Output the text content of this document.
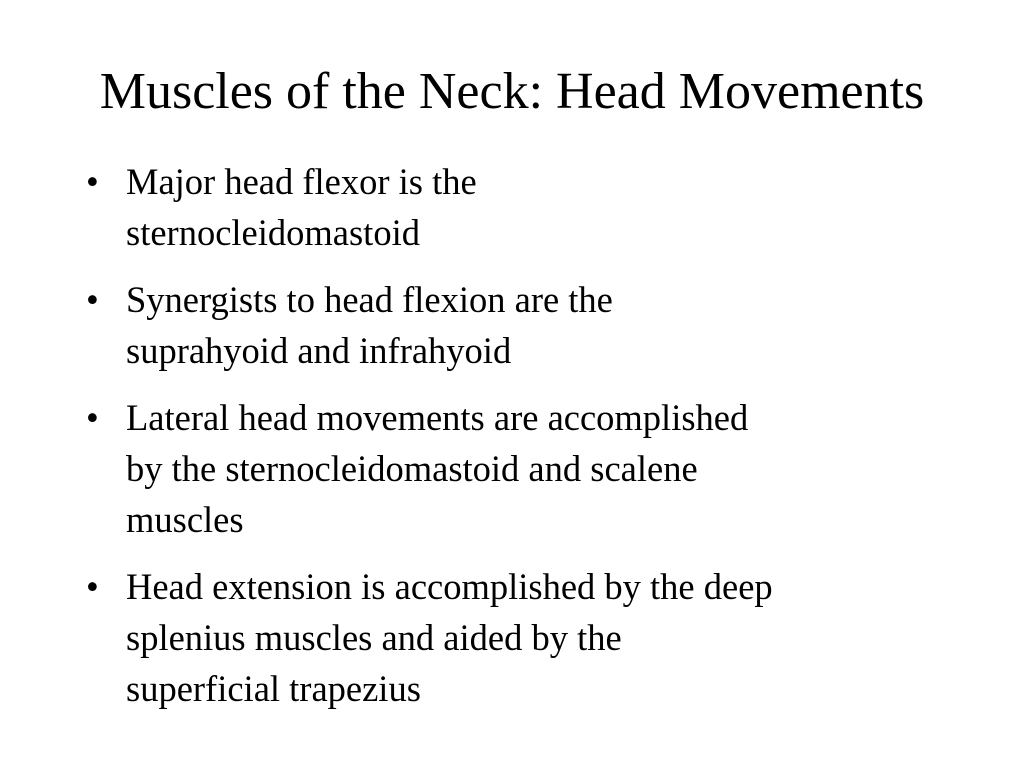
Muscles of the Neck: Head Movements
• Major head flexor is the
sternocleidomastoid
• Synergists to head flexion are the
suprahyoid and infrahyoid
• Lateral head movements are accomplished
by the sternocleidomastoid and scalene
muscles
• Head extension is accomplished by the deep
splenius muscles and aided by the
superficial trapezius
